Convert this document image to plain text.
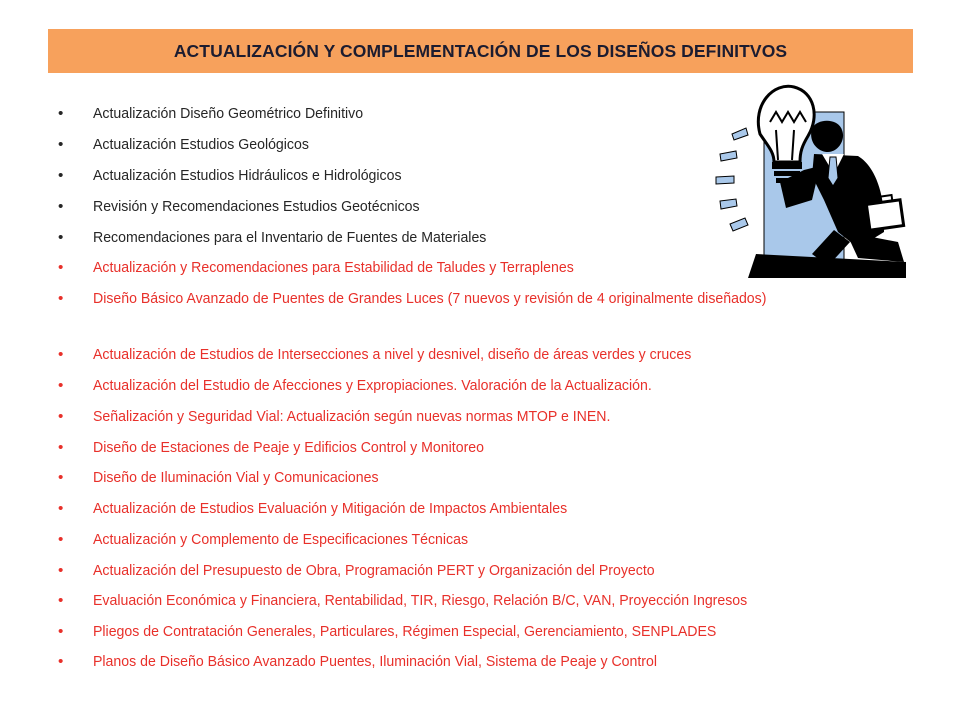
ACTUALIZACIÓN Y COMPLEMENTACIÓN DE LOS DISEÑOS DEFINITVOS
•	Actualización Diseño Geométrico Definitivo
•	Actualización Estudios Geológicos
•	Actualización Estudios Hidráulicos e Hidrológicos
•	Revisión y Recomendaciones Estudios Geotécnicos
•	Recomendaciones para el Inventario de Fuentes de Materiales
•	Actualización y Recomendaciones para Estabilidad de Taludes y Terraplenes
•	Diseño Básico Avanzado de Puentes de Grandes Luces (7 nuevos y revisión de 4 originalmente diseñados)
•	Actualización de Estudios de Intersecciones a nivel y desnivel, diseño de áreas verdes y cruces
•	Actualización del Estudio de Afecciones y Expropiaciones. Valoración de la Actualización.
•	Señalización y Seguridad Vial: Actualización según nuevas normas MTOP e INEN.
•	Diseño de Estaciones de Peaje y Edificios Control y Monitoreo
•	Diseño de Iluminación Vial y Comunicaciones
•	Actualización de Estudios Evaluación y Mitigación de Impactos Ambientales
•	Actualización y Complemento de Especificaciones Técnicas
•	Actualización del Presupuesto de Obra, Programación PERT y Organización del Proyecto
•	Evaluación Económica y Financiera, Rentabilidad, TIR, Riesgo, Relación B/C, VAN, Proyección Ingresos
•	Pliegos de Contratación Generales, Particulares, Régimen Especial, Gerenciamiento, SENPLADES
•	Planos de Diseño Básico Avanzado Puentes, Iluminación Vial, Sistema de Peaje y Control
